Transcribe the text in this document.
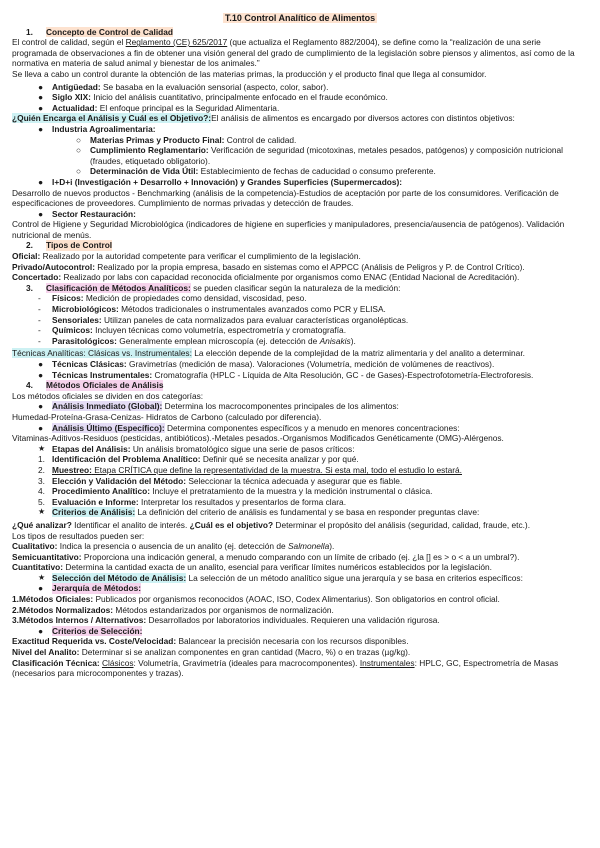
T.10 Control Analítico de Alimentos
1.	Concepto de Control de Calidad

El control de calidad, según el Reglamento (CE) 625/2017 (que actualiza el Reglamento 882/2004), se define como la “realización de una serie programada de observaciones a fin de obtener una visión general del grado de cumplimiento de la legislación sobre piensos y alimentos, así como de la normativa en materia de salud animal y bienestar de los animales.”

Se lleva a cabo un control durante la obtención de las materias primas, la producción y el producto final que llega al consumidor.

●	Antigüedad: Se basaba en la evaluación sensorial (aspecto, color, sabor).
●	Siglo XIX: Inicio del análisis cuantitativo, principalmente enfocado en el fraude económico.
●	Actualidad: El enfoque principal es la Seguridad Alimentaria.

¿Quién Encarga el Análisis y Cuál es el Objetivo?:El análisis de alimentos es encargado por diversos actores con distintos objetivos:

●	Industria Agroalimentaria:
○	Materias Primas y Producto Final: Control de calidad.
○	Cumplimiento Reglamentario: Verificación de seguridad (micotoxinas, metales pesados, patógenos) y composición nutricional (fraudes, etiquetado obligatorio).
○	Determinación de Vida Útil: Establecimiento de fechas de caducidad o consumo preferente.
●	I+D+i (Investigación + Desarrollo + Innovación) y Grandes Superficies (Supermercados):

Desarrollo de nuevos productos - Benchmarking (análisis de la competencia)-Estudios de aceptación por parte de los consumidores. Verificación de especificaciones de proveedores. Cumplimiento de normas privadas y detección de fraudes.

●	Sector Restauración:

Control de Higiene y Seguridad Microbiológica (indicadores de higiene en superficies y manipuladores, presencia/ausencia de patógenos). Validación nutricional de menús.

2.	Tipos de Control

Oficial: Realizado por la autoridad competente para verificar el cumplimiento de la legislación.

Privado/Autocontrol: Realizado por la propia empresa, basado en sistemas como el APPCC (Análisis de Peligros y P. de Control Crítico).

Concertado: Realizado por labs con capacidad reconocida oficialmente por organismos como ENAC (Entidad Nacional de Acreditación).

3.	Clasificación de Métodos Analíticos: se pueden clasificar según la naturaleza de la medición:
-	Físicos: Medición de propiedades como densidad, viscosidad, peso.
-	Microbiológicos: Métodos tradicionales o instrumentales avanzados como PCR y ELISA.
-	Sensoriales: Utilizan paneles de cata normalizados para evaluar características organolépticas.
-	Químicos: Incluyen técnicas como volumetría, espectrometría y cromatografía.
-	Parasitológicos: Generalmente emplean microscopía (ej. detección de Anisakis).

Técnicas Analíticas: Clásicas vs. Instrumentales: La elección depende de la complejidad de la matriz alimentaria y del analito a determinar.

●	Técnicas Clásicas: Gravimetrías (medición de masa). Valoraciones (Volumetría, medición de volúmenes de reactivos).
●	Técnicas Instrumentales: Cromatografía (HPLC - Líquida de Alta Resolución, GC - de Gases)-Espectrofotometría-Electroforesis.
4.	Métodos Oficiales de Análisis

Los métodos oficiales se dividen en dos categorías:

●	Análisis Inmediato (Global): Determina los macrocomponentes principales de los alimentos:

Humedad-Proteína-Grasa-Cenizas- Hidratos de Carbono (calculado por diferencia).

●	Análisis Último (Específico): Determina componentes específicos y a menudo en menores concentraciones:

Vitaminas-Aditivos-Residuos (pesticidas, antibióticos).-Metales pesados.-Organismos Modificados Genéticamente (OMG)-Alérgenos.

★ Etapas del Análisis: Un análisis bromatológico sigue una serie de pasos críticos:
1. Identificación del Problema Analítico: Definir qué se necesita analizar y por qué.
2. Muestreo: Etapa CRÍTICA que define la representatividad de la muestra. Si esta mal, todo el estudio lo estará.
3. Elección y Validación del Método: Seleccionar la técnica adecuada y asegurar que es fiable.
4. Procedimiento Analítico: Incluye el pretratamiento de la muestra y la medición instrumental o clásica.
5. Evaluación e Informe: Interpretar los resultados y presentarlos de forma clara.
★ Criterios de Análisis: La definición del criterio de análisis es fundamental y se basa en responder preguntas clave:

¿Qué analizar? Identificar el analito de interés. ¿Cuál es el objetivo? Determinar el propósito del análisis (seguridad, calidad, fraude, etc.).

Los tipos de resultados pueden ser:

Cualitativo: Indica la presencia o ausencia de un analito (ej. detección de Salmonella).

Semicuantitativo: Proporciona una indicación general, a menudo comparando con un límite de cribado (ej. ¿la [] es > o < a un umbral?).

Cuantitativo: Determina la cantidad exacta de un analito, esencial para verificar límites numéricos establecidos por la legislación.

★ Selección del Método de Análisis: La selección de un método analítico sigue una jerarquía y se basa en criterios específicos:
●	Jerarquía de Métodos:

1.Métodos Oficiales: Publicados por organismos reconocidos (AOAC, ISO, Codex Alimentarius). Son obligatorios en control oficial.

2.Métodos Normalizados: Métodos estandarizados por organismos de normalización.

3.Métodos Internos / Alternativos: Desarrollados por laboratorios individuales. Requieren una validación rigurosa.

●	Criterios de Selección:

Exactitud Requerida vs. Coste/Velocidad: Balancear la precisión necesaria con los recursos disponibles.

Nivel del Analito: Determinar si se analizan componentes en gran cantidad (Macro, %) o en trazas (µg/kg).

Clasificación Técnica: Clásicos: Volumetría, Gravimetría (ideales para macrocomponentes). Instrumentales: HPLC, GC, Espectrometría de Masas (necesarios para microcomponentes y trazas).
